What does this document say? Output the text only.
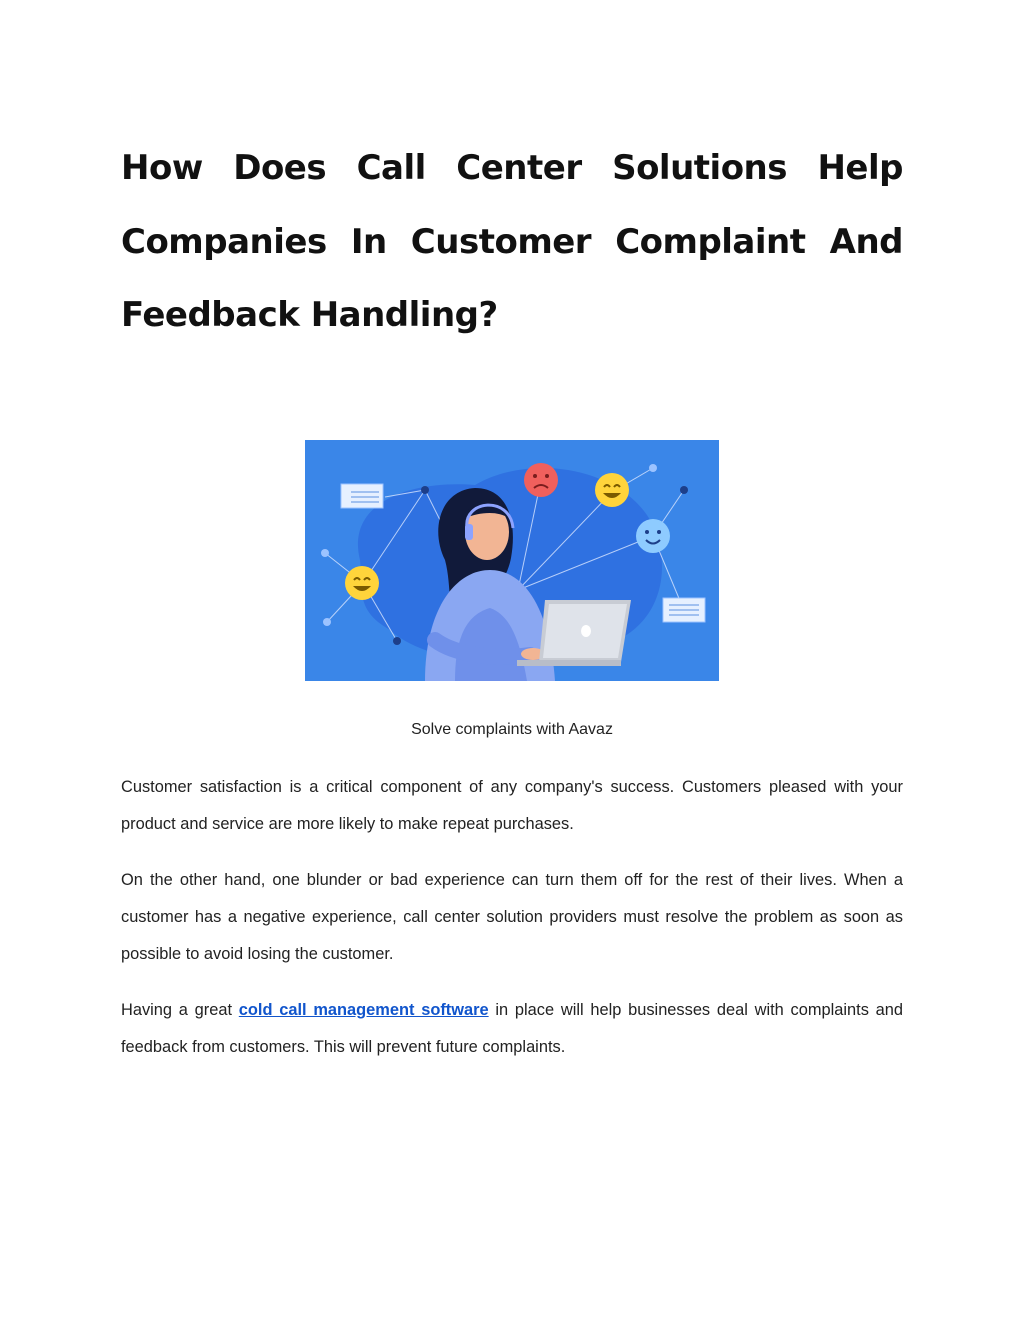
How Does Call Center Solutions Help Companies In Customer Complaint And Feedback Handling?

Solve complaints with Aavaz

Customer satisfaction is a critical component of any company's success. Customers pleased with your product and service are more likely to make repeat purchases.

On the other hand, one blunder or bad experience can turn them off for the rest of their lives. When a customer has a negative experience, call center solution providers must resolve the problem as soon as possible to avoid losing the customer.

Having a great cold call management software in place will help businesses deal with complaints and feedback from customers. This will prevent future complaints.
